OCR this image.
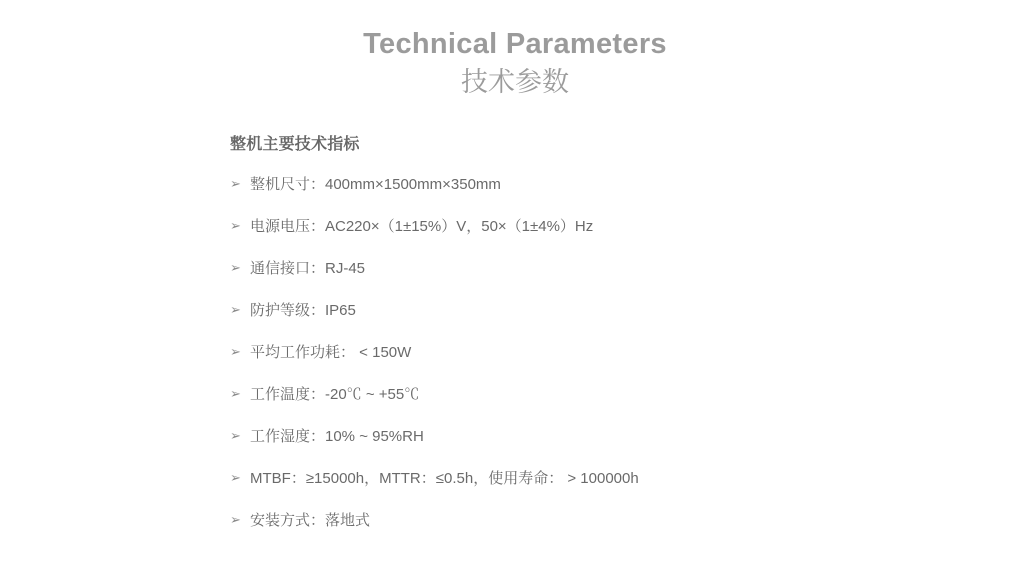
Technical Parameters
技术参数
整机主要技术指标
➢ 整机尺寸：400mm×1500mm×350mm
➢ 电源电压：AC220×（1±15%）V，50×（1±4%）Hz
➢ 通信接口：RJ-45
➢ 防护等级：IP65
➢ 平均工作功耗： < 150W
➢ 工作温度：-20℃ ~ +55℃
➢ 工作湿度：10% ~ 95%RH
➢ MTBF：≥15000h，MTTR：≤0.5h，使用寿命： > 100000h
➢ 安装方式：落地式
